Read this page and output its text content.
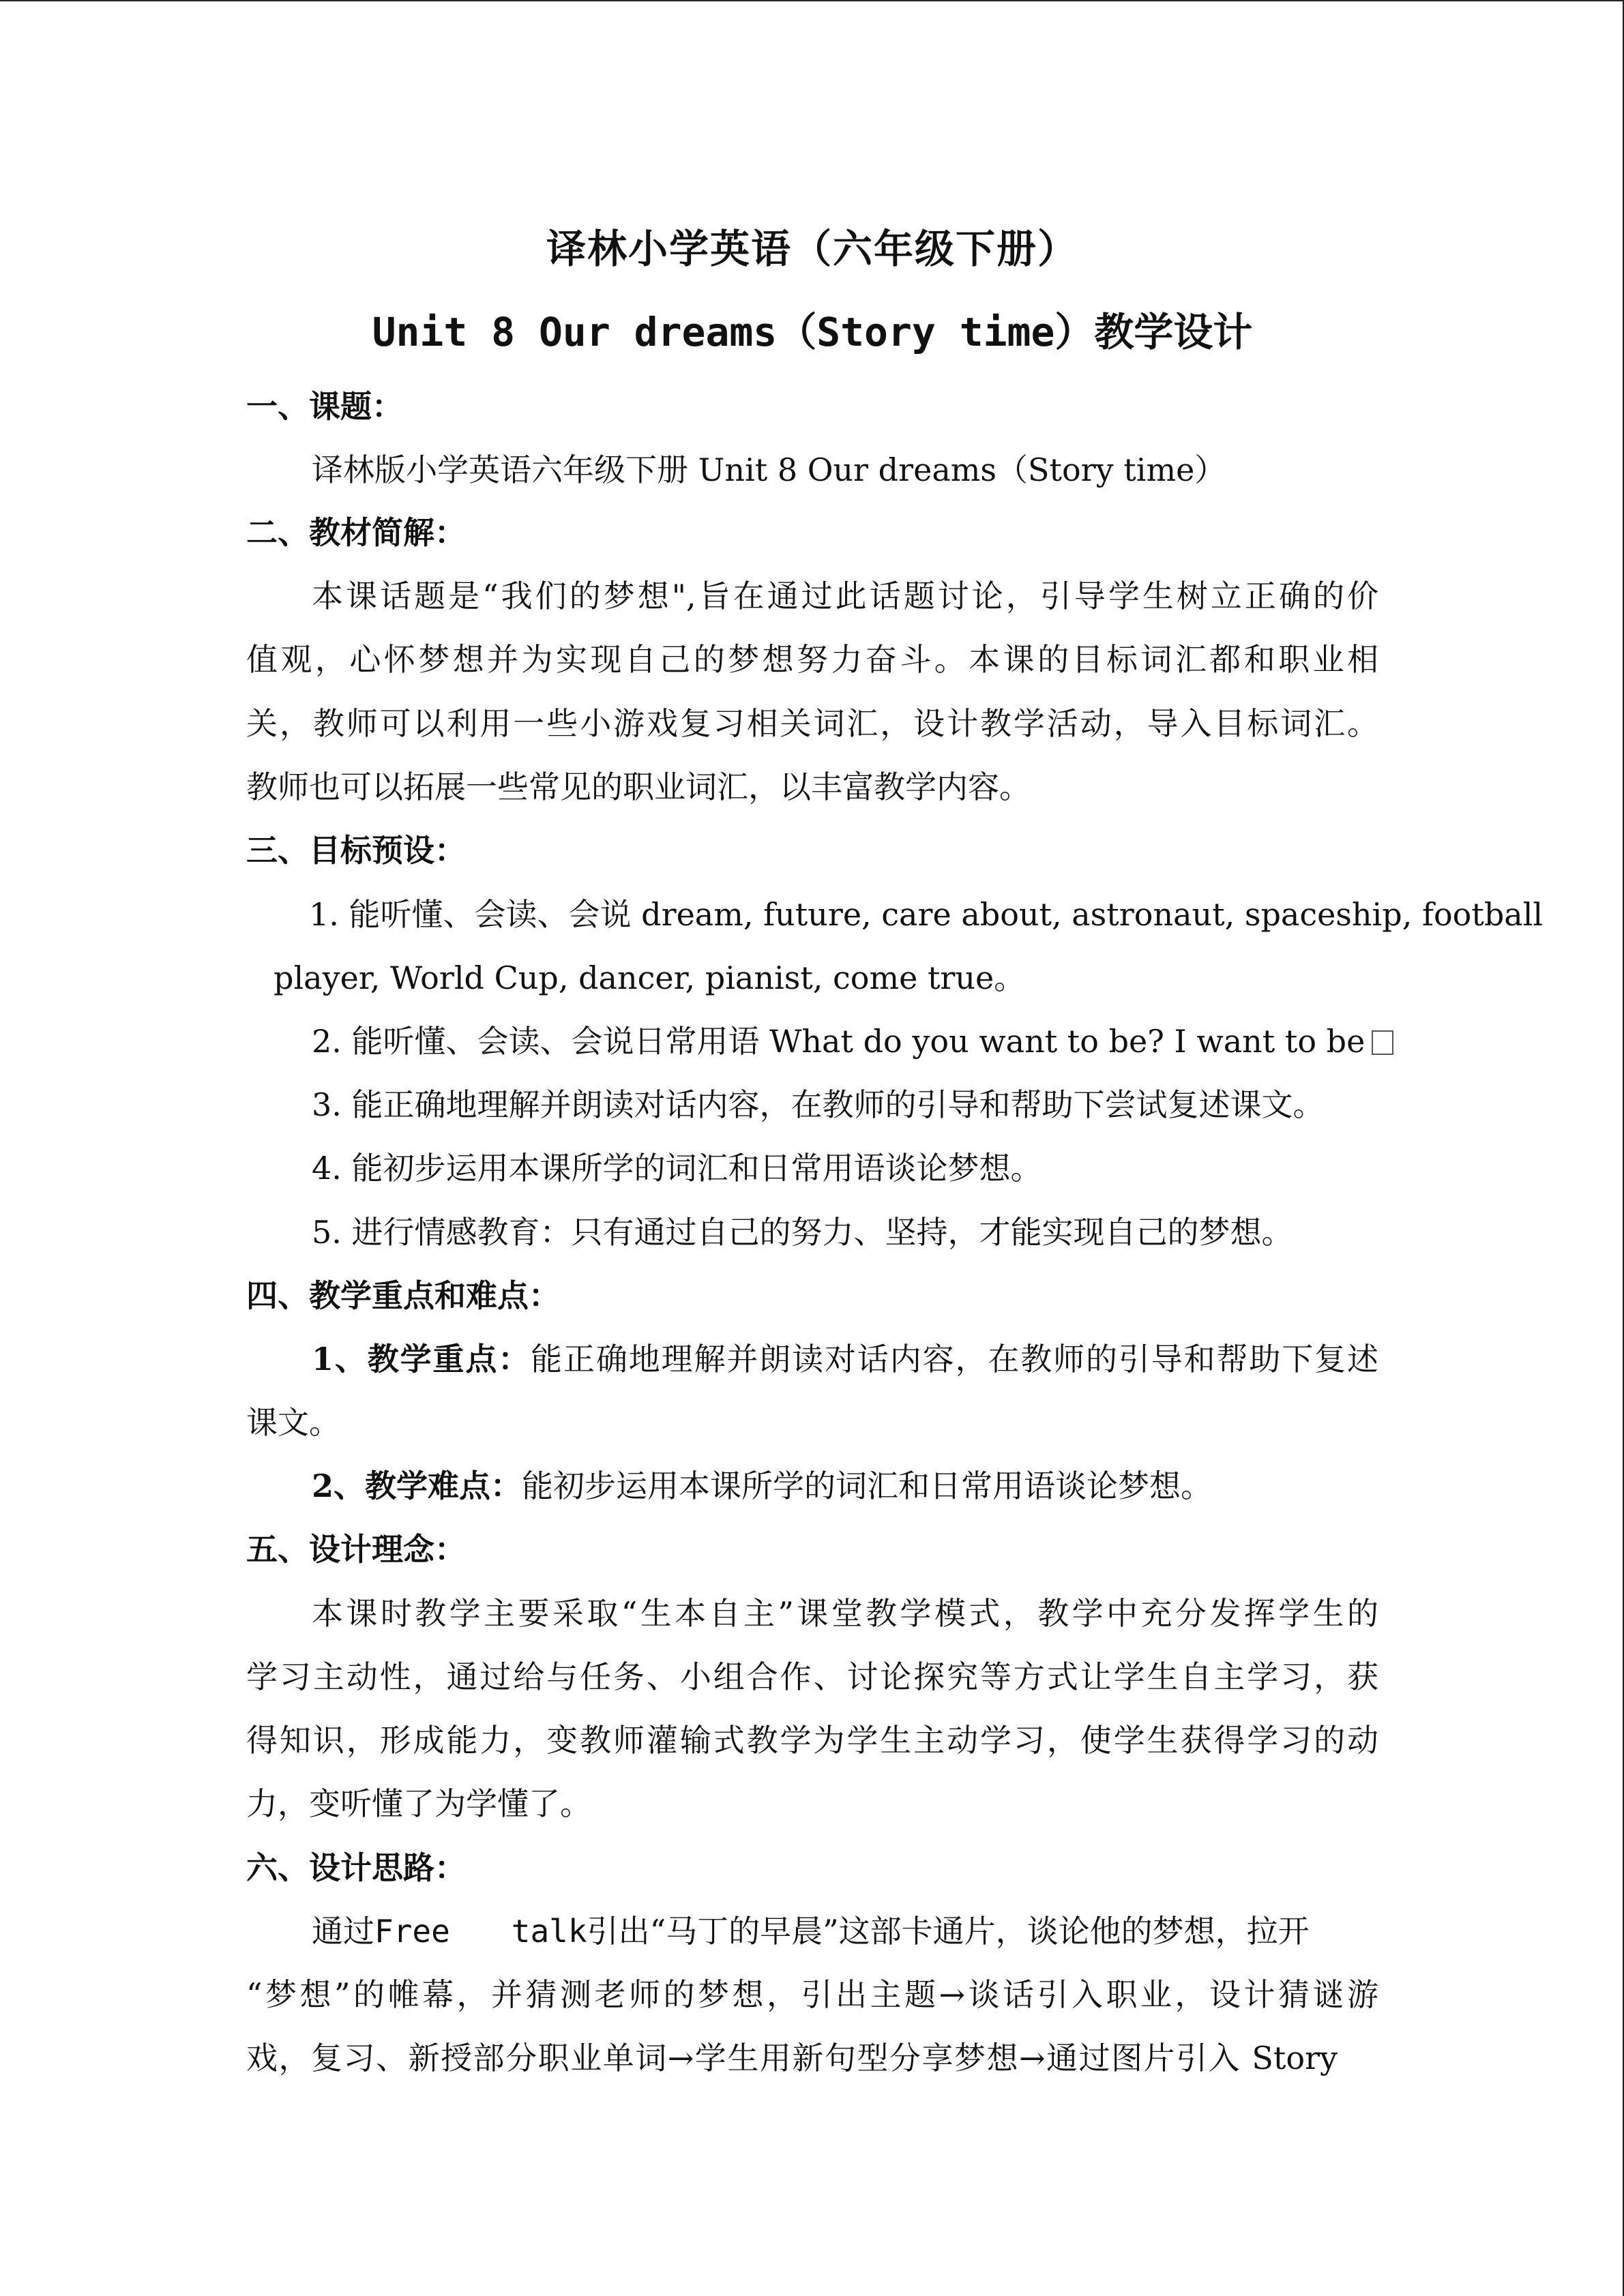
译林小学英语（六年级下册）
Unit 8 Our dreams（Story time）教学设计
一、课题：
译林版小学英语六年级下册 Unit 8 Our dreams（Story time）
二、教材简解：
本课话题是“我们的梦想",旨在通过此话题讨论，引导学生树立正确的价
值观，心怀梦想并为实现自己的梦想努力奋斗。本课的目标词汇都和职业相
关，教师可以利用一些小游戏复习相关词汇，设计教学活动，导入目标词汇。
教师也可以拓展一些常见的职业词汇，以丰富教学内容。
三、目标预设：
1. 能听懂、会读、会说 dream, future, care about, astronaut, spaceship, football
player, World Cup, dancer, pianist, come true。
2. 能听懂、会读、会说日常用语 What do you want to be? I want to be
3. 能正确地理解并朗读对话内容，在教师的引导和帮助下尝试复述课文。
4. 能初步运用本课所学的词汇和日常用语谈论梦想。
5. 进行情感教育：只有通过自己的努力、坚持，才能实现自己的梦想。
四、教学重点和难点：
1、教学重点：能正确地理解并朗读对话内容，在教师的引导和帮助下复述
课文。
2、教学难点：能初步运用本课所学的词汇和日常用语谈论梦想。
五、设计理念：
本课时教学主要采取“生本自主”课堂教学模式，教学中充分发挥学生的
学习主动性，通过给与任务、小组合作、讨论探究等方式让学生自主学习，获
得知识，形成能力，变教师灌输式教学为学生主动学习，使学生获得学习的动
力，变听懂了为学懂了。
六、设计思路：
通过Free talk引出“马丁的早晨”这部卡通片，谈论他的梦想，拉开
“梦想”的帷幕，并猜测老师的梦想，引出主题→谈话引入职业，设计猜谜游
戏，复习、新授部分职业单词→学生用新句型分享梦想→通过图片引入 Story
